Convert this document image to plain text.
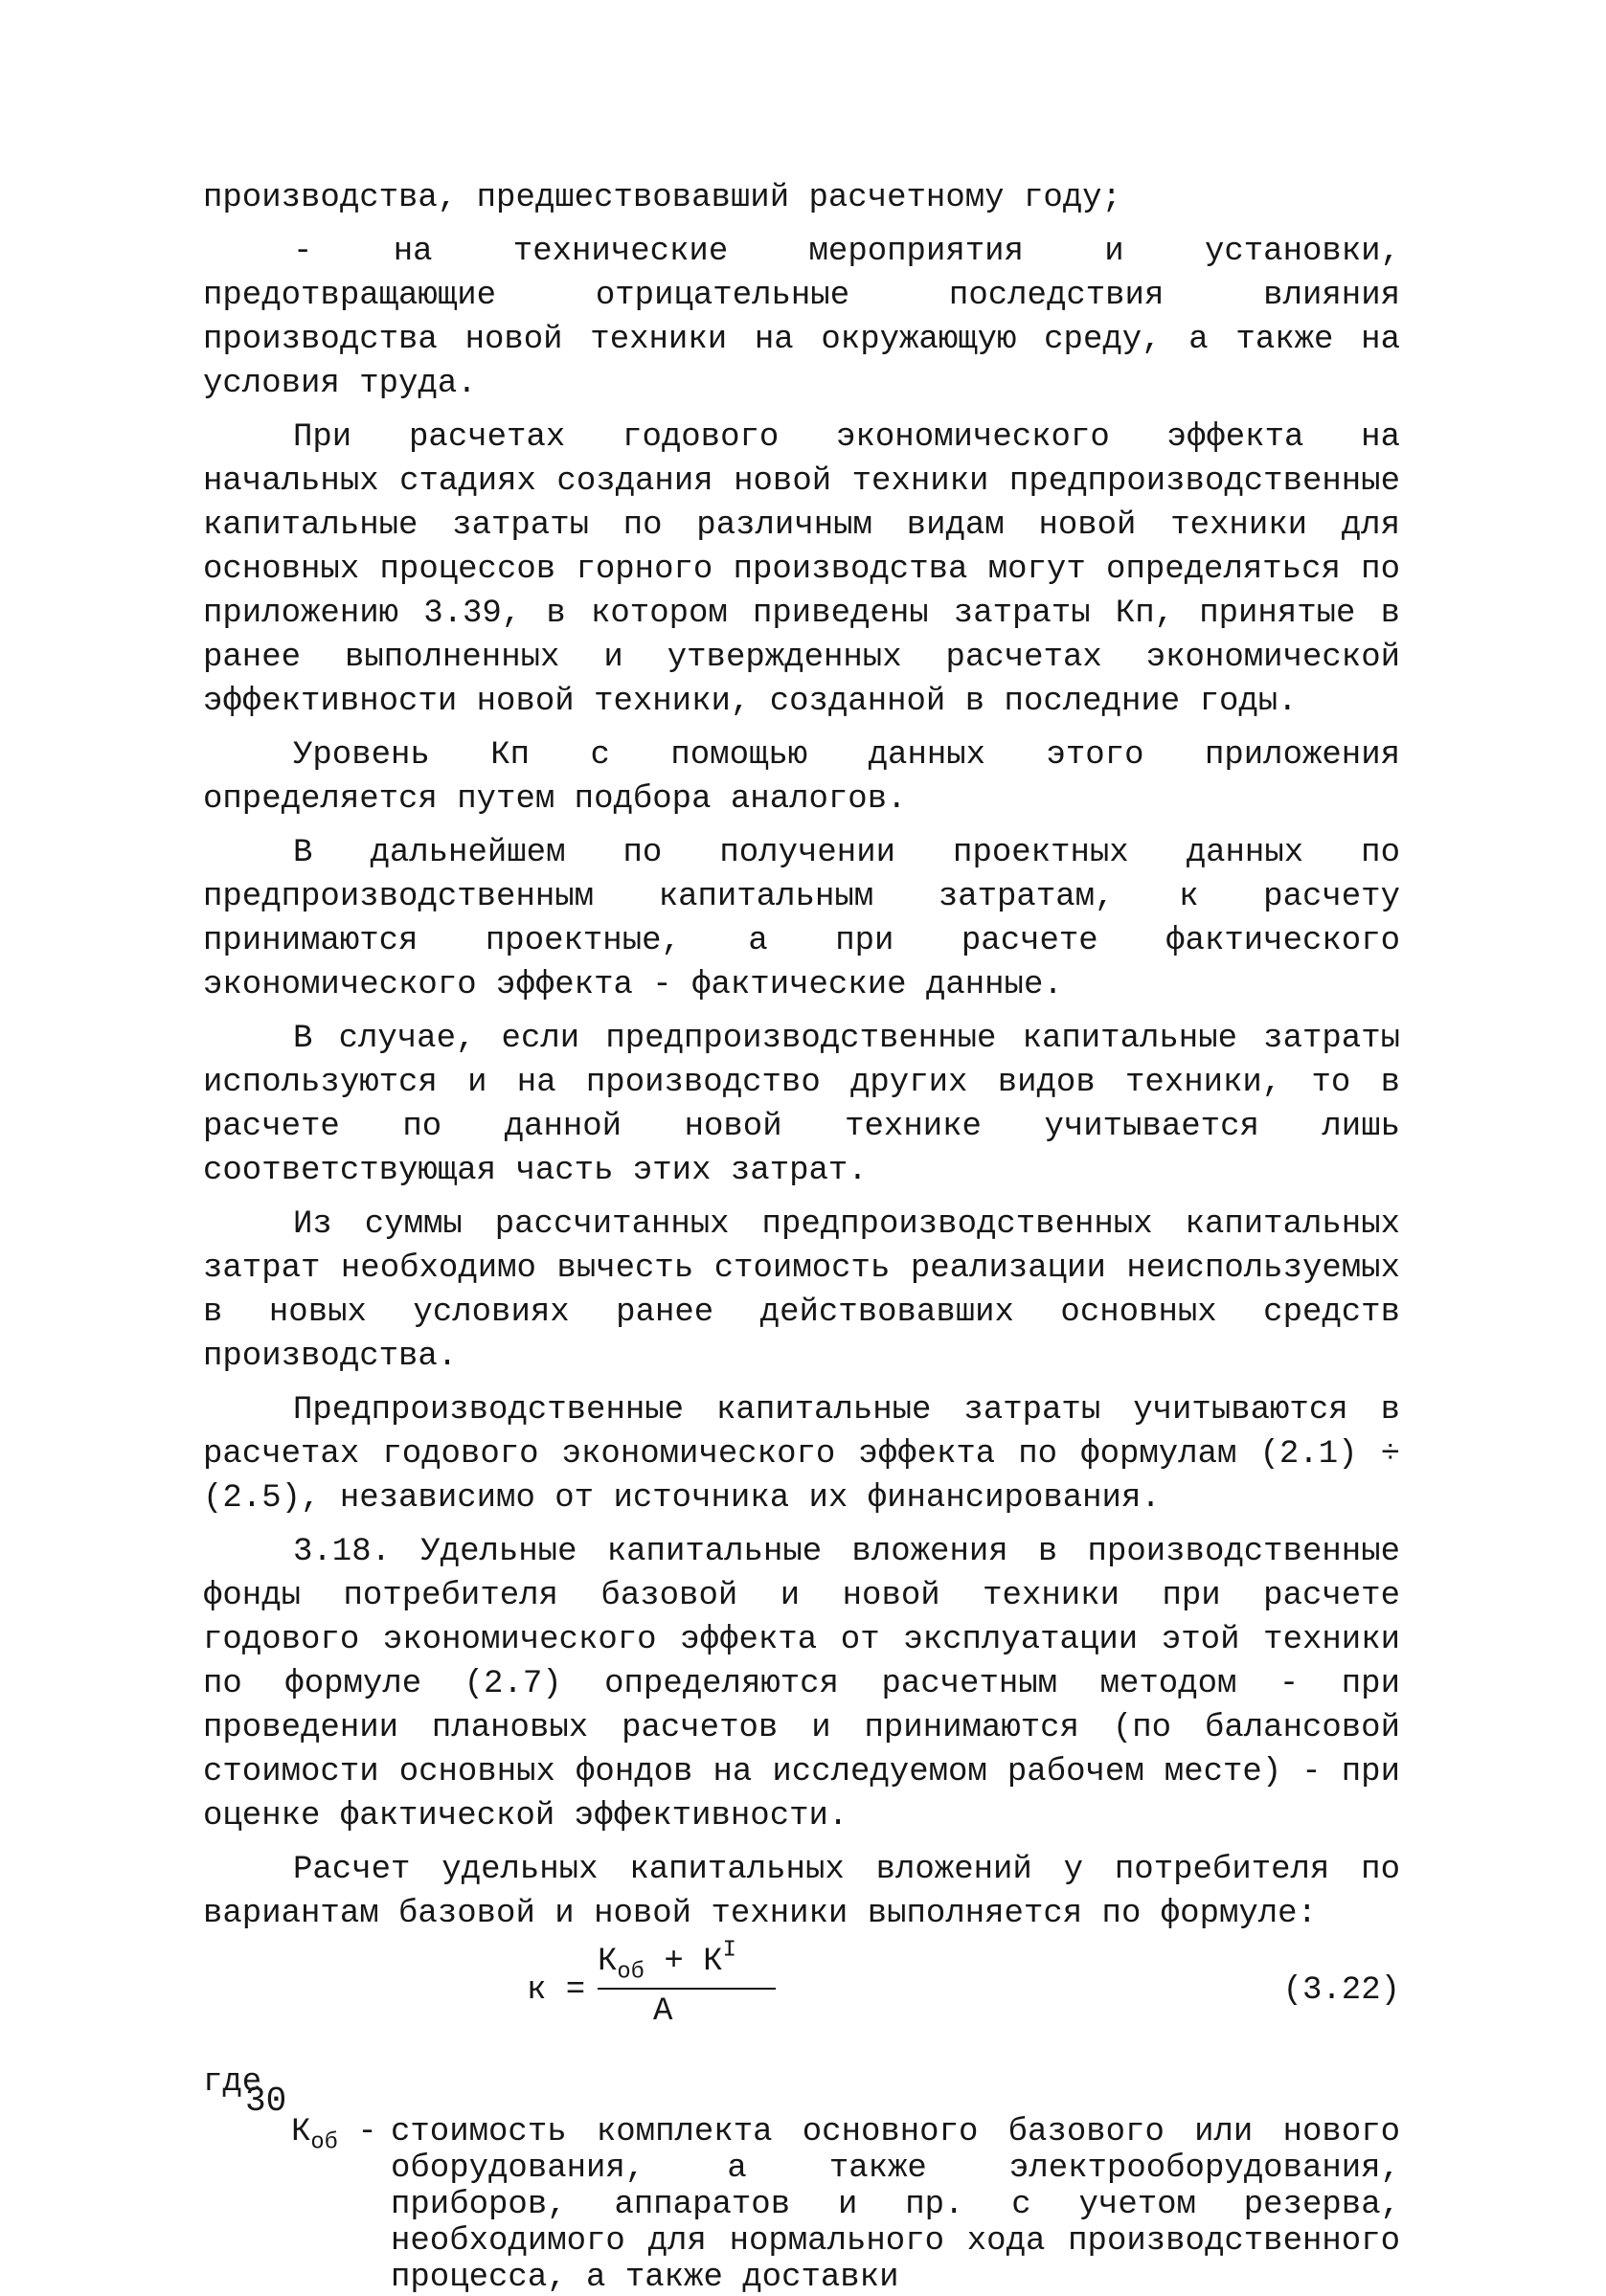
производства, предшествовавший расчетному году;

- на технические мероприятия и установки, предотвращающие отрицательные последствия влияния производства новой техники на окружающую среду, а также на условия труда.

При расчетах годового экономического эффекта на начальных стадиях создания новой техники предпроизводственные капитальные затраты по различным видам новой техники для основных процессов горного производства могут определяться по приложению 3.39, в котором приведены затраты Кп, принятые в ранее выполненных и утвержденных расчетах экономической эффективности новой техники, созданной в последние годы.

Уровень Кп с помощью данных этого приложения определяется путем подбора аналогов.

В дальнейшем по получении проектных данных по предпроизводственным капитальным затратам, к расчету принимаются проектные, а при расчете фактического экономического эффекта - фактические данные.

В случае, если предпроизводственные капитальные затраты используются и на производство других видов техники, то в расчете по данной новой технике учитывается лишь соответствующая часть этих затрат.

Из суммы рассчитанных предпроизводственных капитальных затрат необходимо вычесть стоимость реализации неиспользуемых в новых условиях ранее действовавших основных средств производства.

Предпроизводственные капитальные затраты учитываются в расчетах годового экономического эффекта по формулам (2.1) ÷ (2.5), независимо от источника их финансирования.

3.18. Удельные капитальные вложения в производственные фонды потребителя базовой и новой техники при расчете годового экономического эффекта от эксплуатации этой техники по формуле (2.7) определяются расчетным методом - при проведении плановых расчетов и принимаются (по балансовой стоимости основных фондов на исследуемом рабочем месте) - при оценке фактической эффективности.

Расчет удельных капитальных вложений у потребителя по вариантам базовой и новой техники выполняется по формуле:

к =
$К_{об} + К^I$
А
(3.22)
где
$К_{об}$ - стоимость комплекта основного базового или нового оборудования, а также электрооборудования, приборов, аппаратов и пр. с учетом резерва, необходимого для нормального хода производственного процесса, а также доставки
30
